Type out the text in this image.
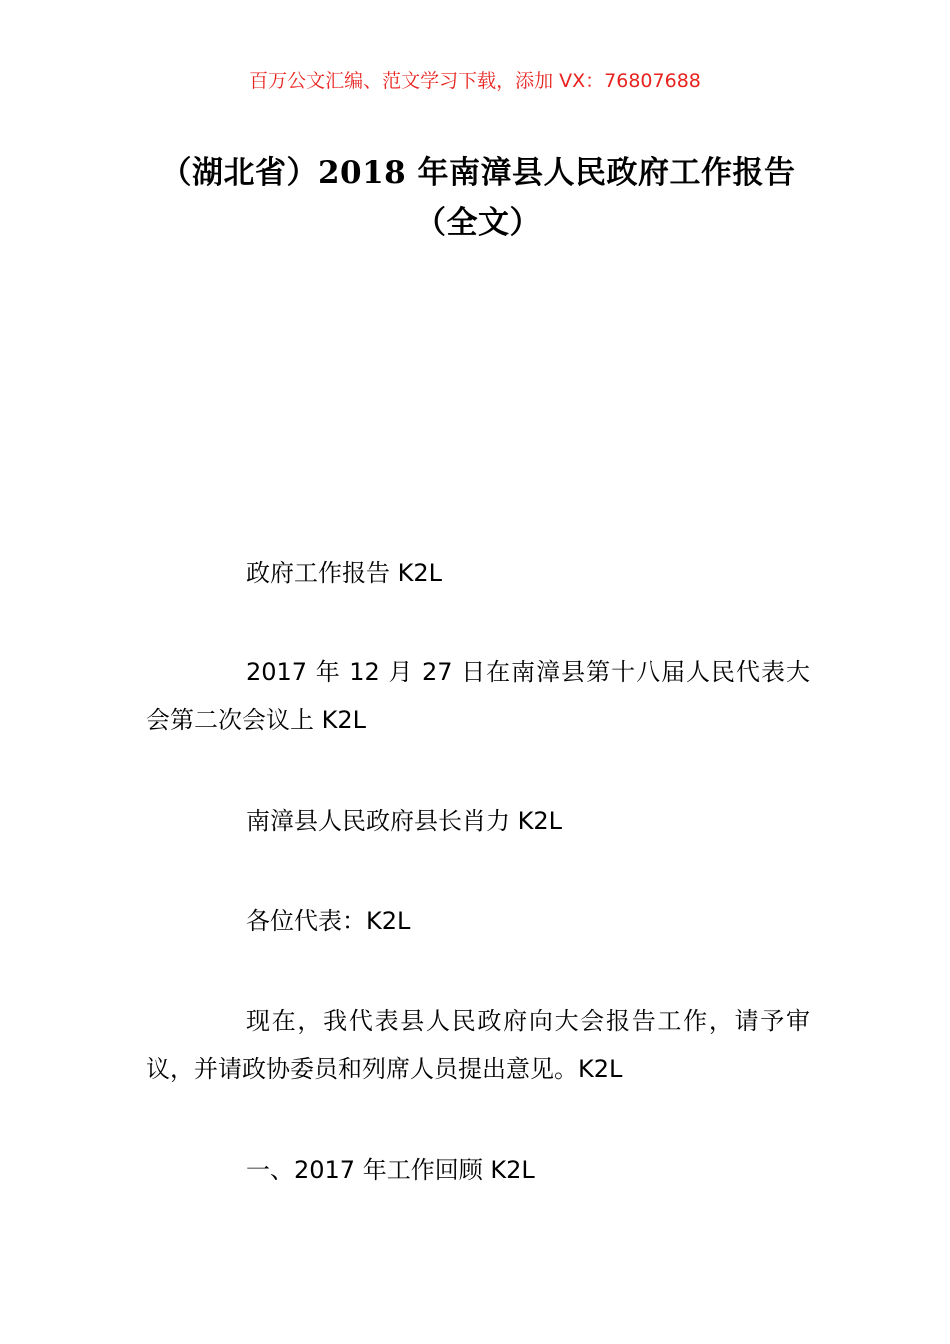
百万公文汇编、范文学习下载，添加 VX：76807688
（湖北省）2018 年南漳县人民政府工作报告（全文）

政府工作报告 K2L

2017 年 12 月 27 日在南漳县第十八届人民代表大会第二次会议上 K2L

南漳县人民政府县长肖力 K2L

各位代表：K2L

现在，我代表县人民政府向大会报告工作，请予审议，并请政协委员和列席人员提出意见。K2L

一、2017 年工作回顾 K2L
